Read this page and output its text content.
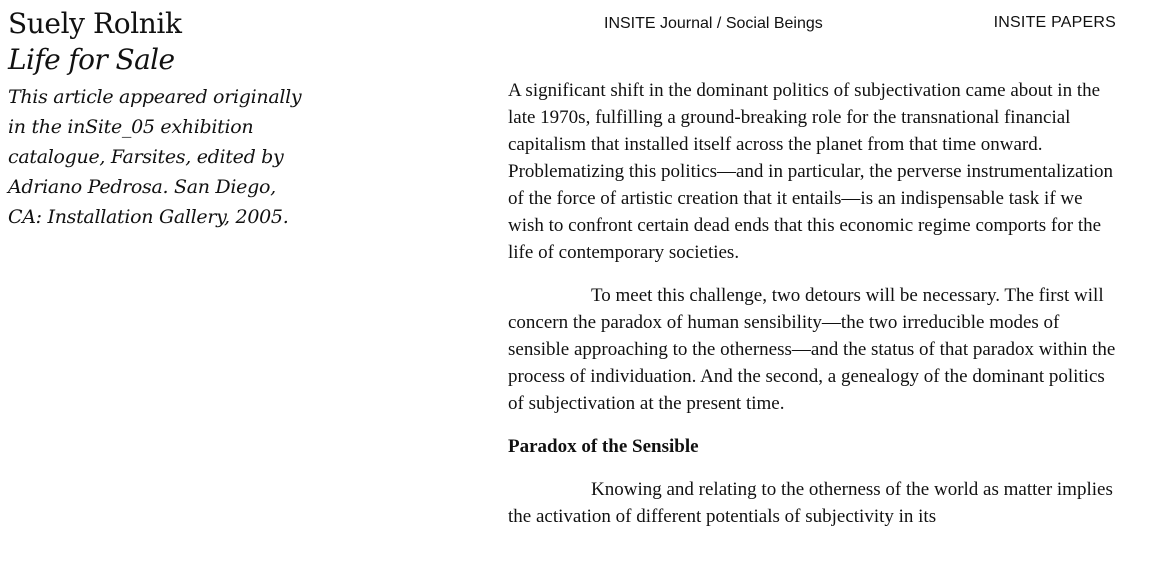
Suely Rolnik
Life for Sale

This article appeared originally in the inSite_05 exhibition catalogue, Farsites, edited by Adriano Pedrosa. San Diego, CA: Installation Gallery, 2005.

INSITE Journal / Social Beings	INSITE PAPERS

A significant shift in the dominant politics of subjectivation came about in the late 1970s, fulfilling a ground-breaking role for the transnational financial capitalism that installed itself across the planet from that time onward. Problematizing this politics—and in particular, the perverse instrumentalization of the force of artistic creation that it entails—is an indispensable task if we wish to confront certain dead ends that this economic regime comports for the life of contemporary societies.

To meet this challenge, two detours will be necessary. The first will concern the paradox of human sensibility—the two irreducible modes of sensible approaching to the otherness—and the status of that paradox within the process of individuation. And the second, a genealogy of the dominant politics of subjectivation at the present time.

Paradox of the Sensible

Knowing and relating to the otherness of the world as matter implies the activation of different potentials of subjectivity in its
